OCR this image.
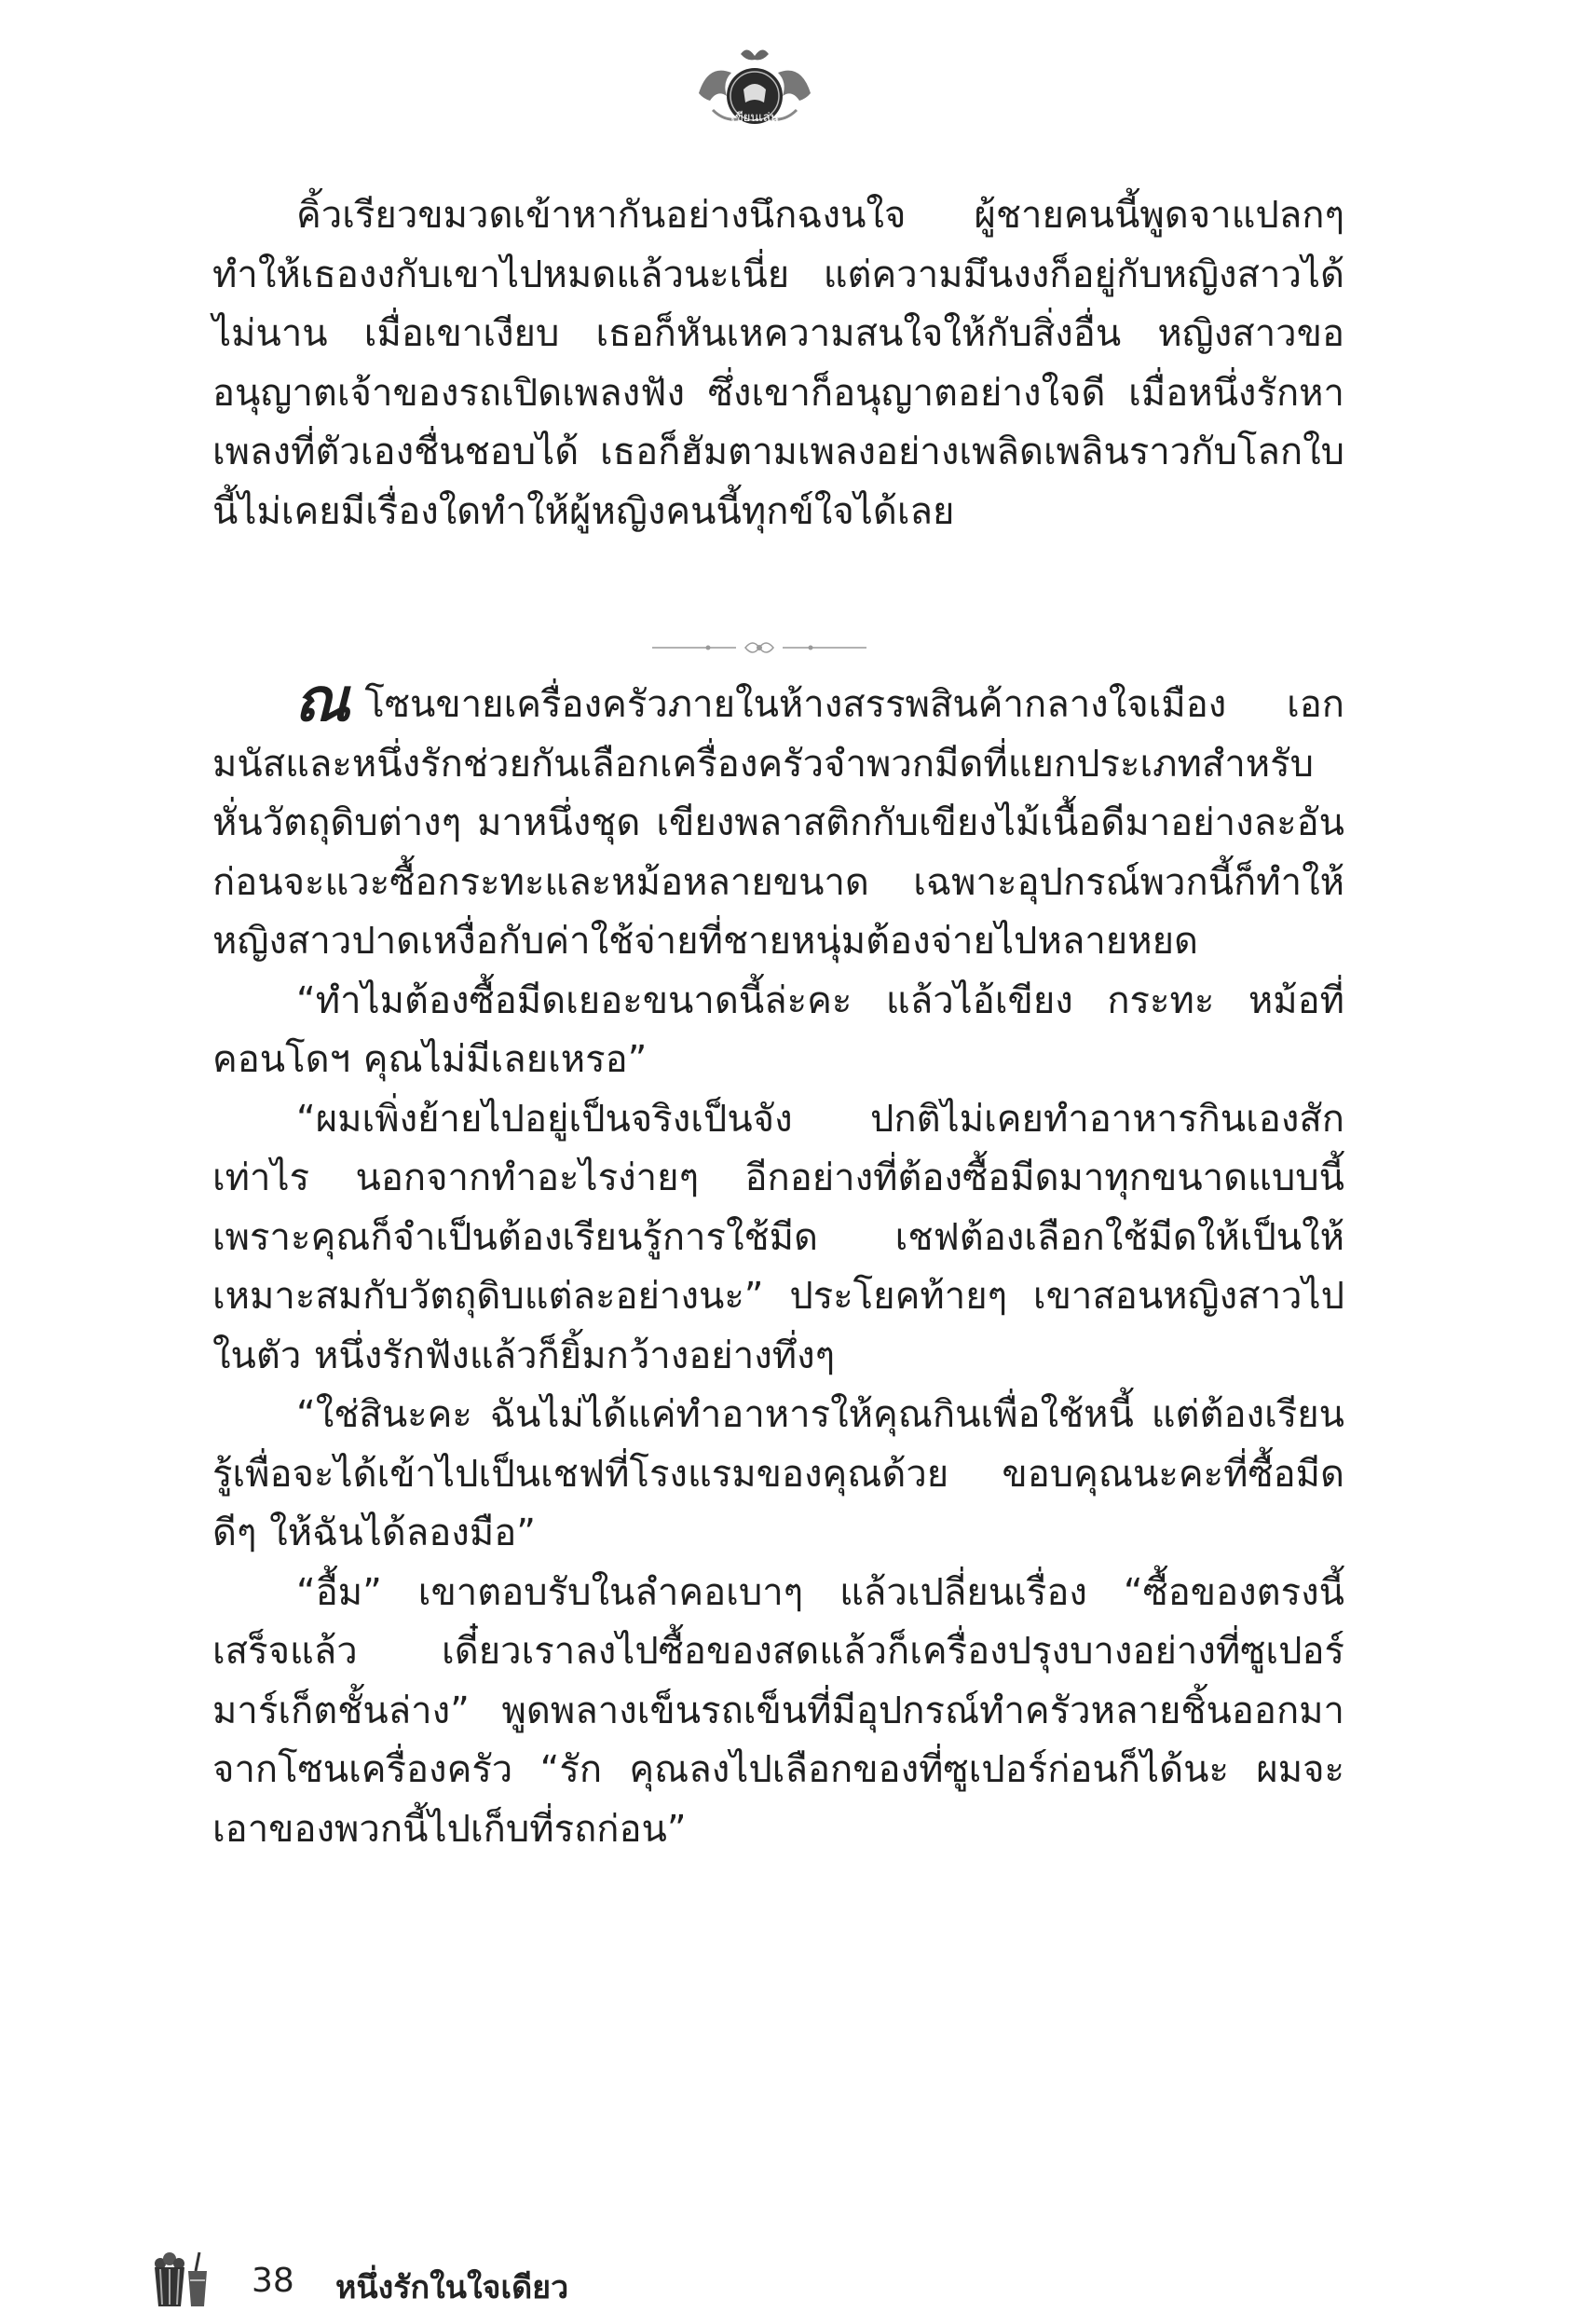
เขียนเล่น

คิ้วเรียวขมวดเข้าหากันอย่างนึกฉงนใจ ผู้ชายคนนี้พูดจาแปลกๆ ทำให้เธองงกับเขาไปหมดแล้วนะเนี่ย แต่ความมึนงงก็อยู่กับหญิงสาวได้ไม่นาน เมื่อเขาเงียบ เธอก็หันเหความสนใจให้กับสิ่งอื่น หญิงสาวขออนุญาตเจ้าของรถเปิดเพลงฟัง ซึ่งเขาก็อนุญาตอย่างใจดี เมื่อหนึ่งรักหาเพลงที่ตัวเองชื่นชอบได้ เธอก็ฮัมตามเพลงอย่างเพลิดเพลินราวกับโลกใบนี้ไม่เคยมีเรื่องใดทำให้ผู้หญิงคนนี้ทุกข์ใจได้เลย

ณโซนขายเครื่องครัวภายในห้างสรรพสินค้ากลางใจเมือง เอกมนัสและหนึ่งรักช่วยกันเลือกเครื่องครัวจำพวกมีดที่แยกประเภทสำหรับหั่นวัตถุดิบต่างๆ มาหนึ่งชุด เขียงพลาสติกกับเขียงไม้เนื้อดีมาอย่างละอัน ก่อนจะแวะซื้อกระทะและหม้อหลายขนาด เฉพาะอุปกรณ์พวกนี้ก็ทำให้หญิงสาวปาดเหงื่อกับค่าใช้จ่ายที่ชายหนุ่มต้องจ่ายไปหลายหยด

“ทำไมต้องซื้อมีดเยอะขนาดนี้ล่ะคะ แล้วไอ้เขียง กระทะ หม้อที่คอนโดฯ คุณไม่มีเลยเหรอ”

“ผมเพิ่งย้ายไปอยู่เป็นจริงเป็นจัง ปกติไม่เคยทำอาหารกินเองสักเท่าไร นอกจากทำอะไรง่ายๆ อีกอย่างที่ต้องซื้อมีดมาทุกขนาดแบบนี้เพราะคุณก็จำเป็นต้องเรียนรู้การใช้มีด เชฟต้องเลือกใช้มีดให้เป็นให้เหมาะสมกับวัตถุดิบแต่ละอย่างนะ” ประโยคท้ายๆ เขาสอนหญิงสาวไปในตัว หนึ่งรักฟังแล้วก็ยิ้มกว้างอย่างทึ่งๆ

“ใช่สินะคะ ฉันไม่ได้แค่ทำอาหารให้คุณกินเพื่อใช้หนี้ แต่ต้องเรียนรู้เพื่อจะได้เข้าไปเป็นเชฟที่โรงแรมของคุณด้วย ขอบคุณนะคะที่ซื้อมีดดีๆ ให้ฉันได้ลองมือ”

“อื้ม” เขาตอบรับในลำคอเบาๆ แล้วเปลี่ยนเรื่อง “ซื้อของตรงนี้เสร็จแล้ว เดี๋ยวเราลงไปซื้อของสดแล้วก็เครื่องปรุงบางอย่างที่ซูเปอร์มาร์เก็ตชั้นล่าง” พูดพลางเข็นรถเข็นที่มีอุปกรณ์ทำครัวหลายชิ้นออกมาจากโซนเครื่องครัว “รัก คุณลงไปเลือกของที่ซูเปอร์ก่อนก็ได้นะ ผมจะเอาของพวกนี้ไปเก็บที่รถก่อน”

38 หนึ่งรักในใจเดียว
